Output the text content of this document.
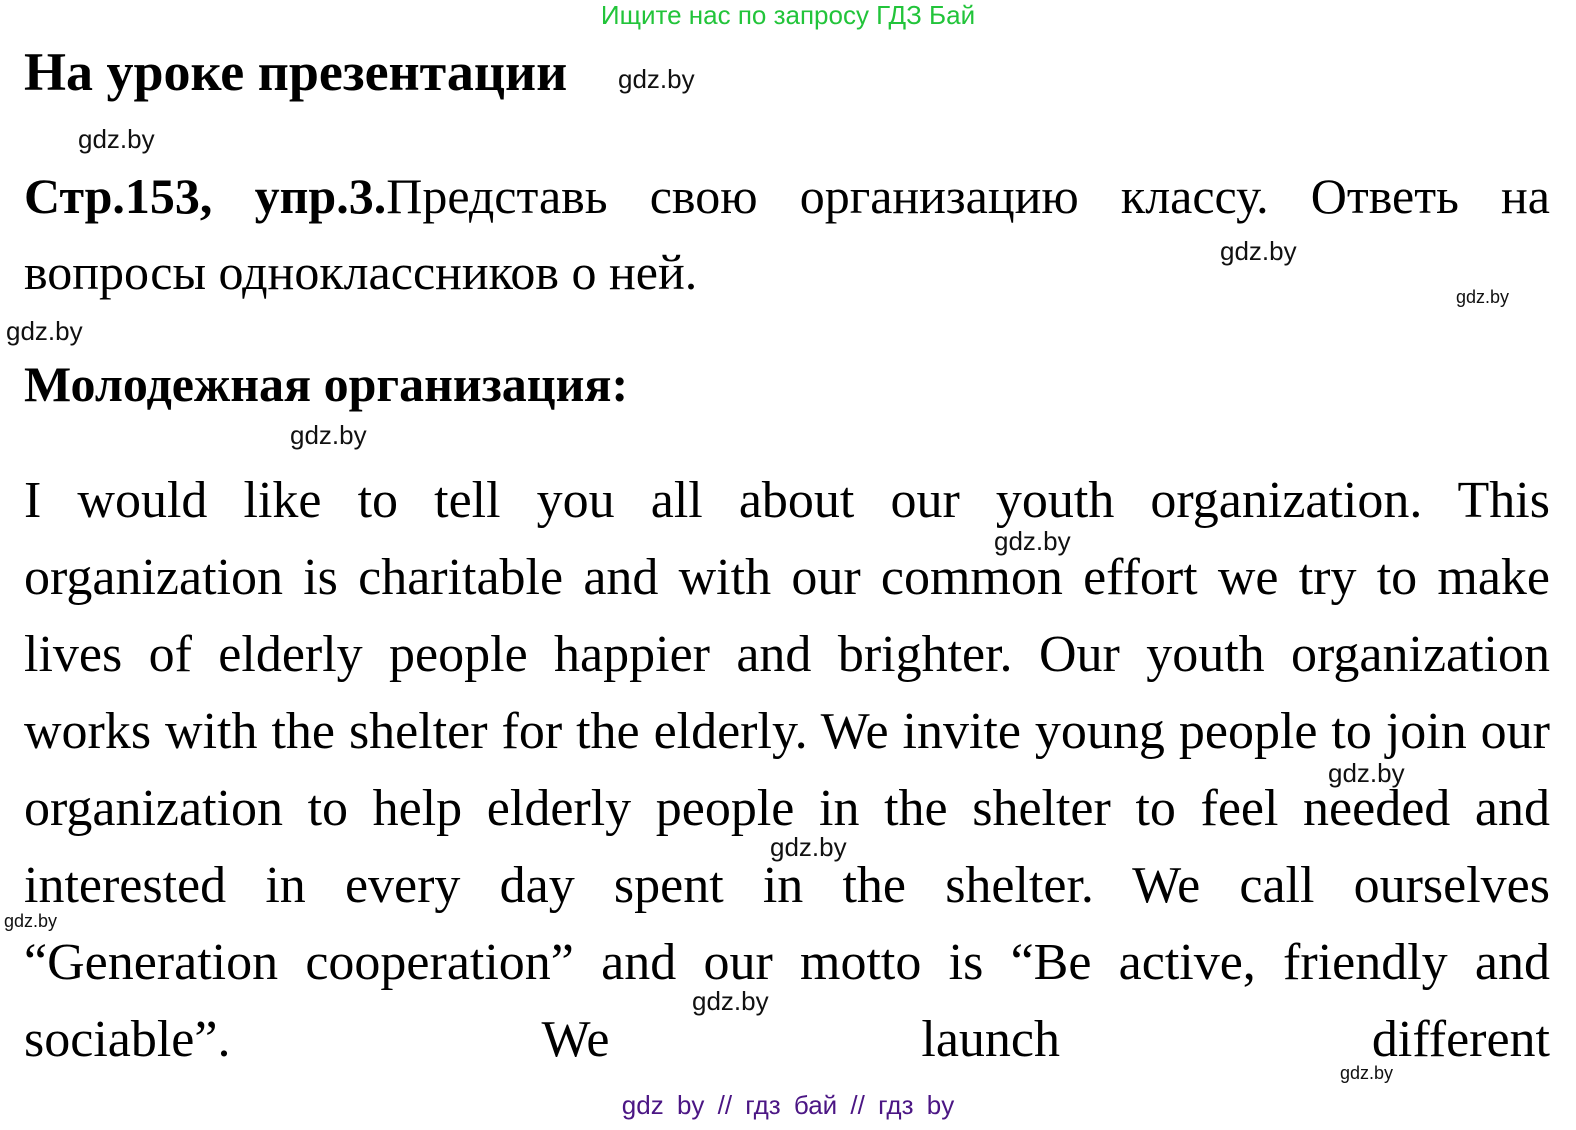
Ищите нас по запросу ГДЗ Бай
На уроке презентации
Стр.153, упр.3.Представь свою организацию классу. Ответь на вопросы одноклассников о ней.
Молодежная организация:
I would like to tell you all about our youth organization. This organization is charitable and with our common effort we try to make lives of elderly people happier and brighter. Our youth organization works with the shelter for the elderly. We invite young people to join our organization to help elderly people in the shelter to feel needed and interested in every day spent in the shelter. We call ourselves “Generation cooperation” and our motto is “Be active, friendly and sociable”. We launch different
gdz.by
gdz.by
gdz.by
gdz.by
gdz.by
gdz.by
gdz.by
gdz.by
gdz.by
gdz.by
gdz.by
gdz.by
gdz by // гдз бай // гдз by
